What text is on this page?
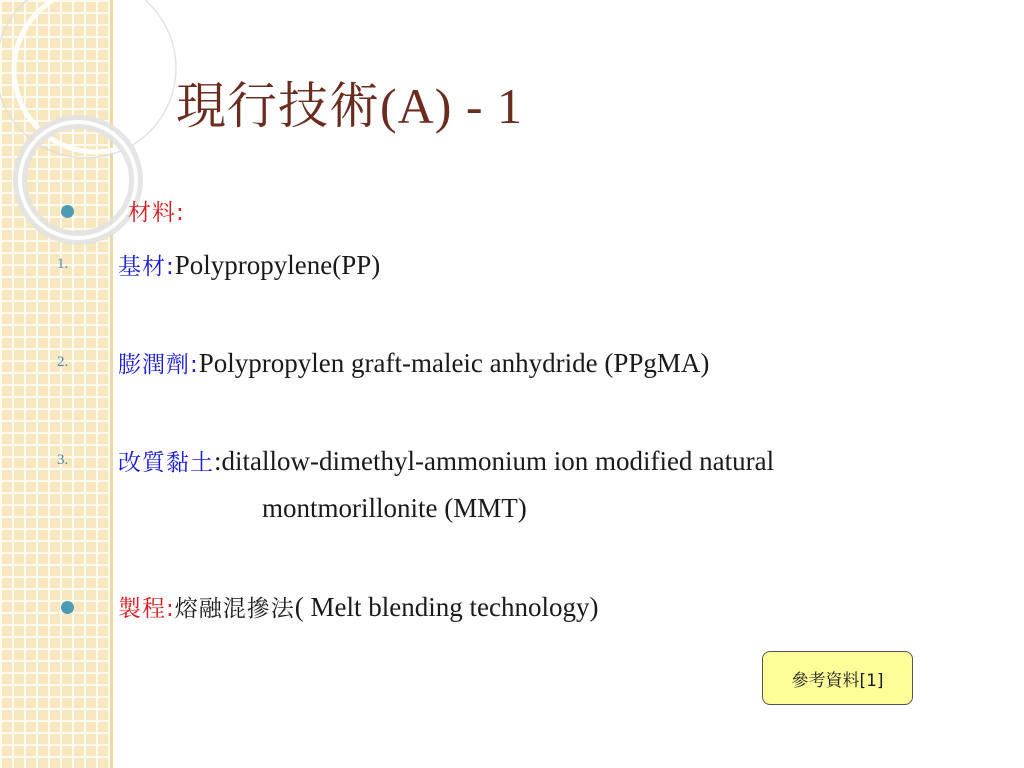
現行技術(A) - 1
材料:
1. 基材:Polypropylene(PP)
2. 膨潤劑:Polypropylen graft-maleic anhydride (PPgMA)
3. 改質黏土:ditallow-dimethyl-ammonium ion modified natural
montmorillonite (MMT)
製程:熔融混摻法( Melt blending technology)
參考資料[1]
